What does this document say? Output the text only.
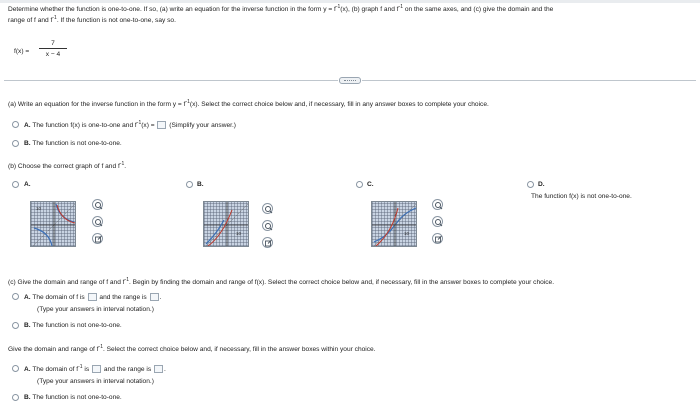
Determine whether the function is one-to-one. If so, (a) write an equation for the inverse function in the form $y = f^{-1}(x)$, (b) graph f and $f^{-1}$ on the same axes, and (c) give the domain and the
range of f and $f^{-1}$. If the function is not one-to-one, say so.
f(x) =
7
x − 4
(a) Write an equation for the inverse function in the form $y = f^{-1}(x)$. Select the correct choice below and, if necessary, fill in any answer boxes to complete your choice.
A. The function f(x) is one-to-one and $f^{-1}(x)$ = (Simplify your answer.)
B. The function is not one-to-one.
(b) Choose the correct graph of f and $f^{-1}$.
A.
10
B.
10
C.
10
D.
The function f(x) is not one-to-one.
(c) Give the domain and range of f and $f^{-1}$. Begin by finding the domain and range of f(x). Select the correct choice below and, if necessary, fill in the answer boxes to complete your choice.
A. The domain of f is and the range is .
(Type your answers in interval notation.)
B. The function is not one-to-one.
Give the domain and range of $f^{-1}$. Select the correct choice below and, if necessary, fill in the answer boxes within your choice.
A. The domain of $f^{-1}$ is and the range is .
(Type your answers in interval notation.)
B. The function is not one-to-one.
